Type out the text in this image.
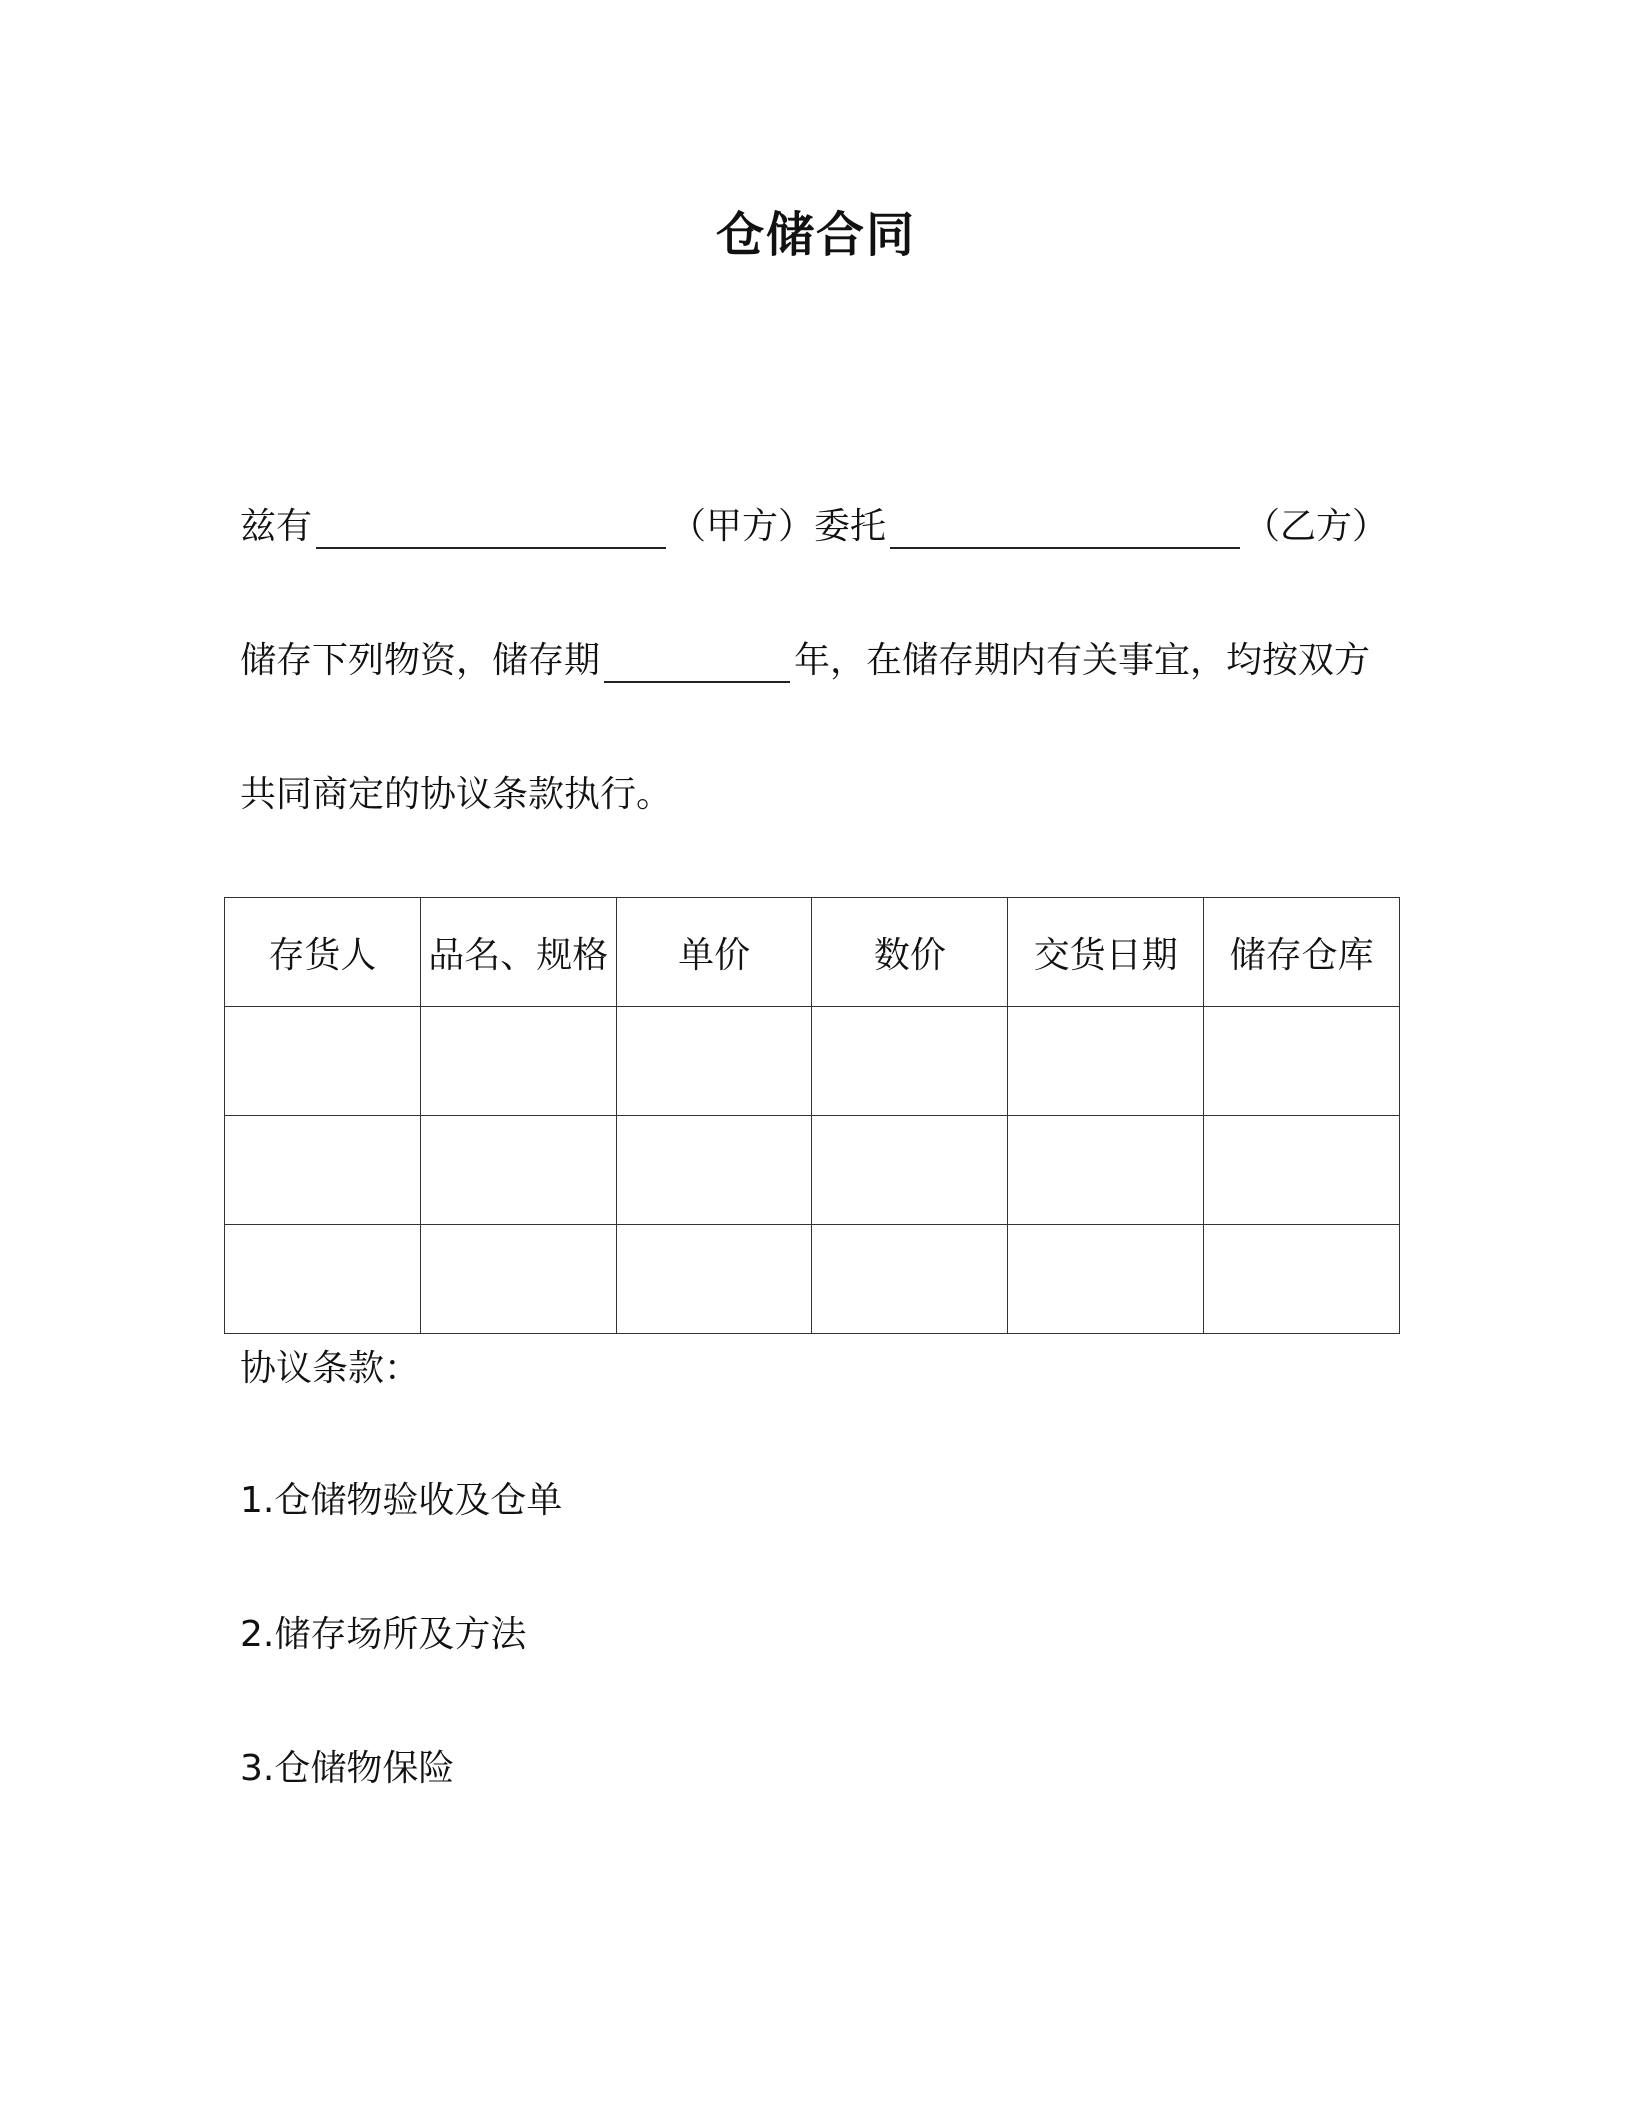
仓储合同
兹有	（甲方）委托	（乙方）
储存下列物资，储存期	年，在储存期内有关事宜，均按双方
共同商定的协议条款执行。
存货人	品名、规格	单价	数价	交货日期	储存仓库

协议条款：
1.仓储物验收及仓单
2.储存场所及方法
3.仓储物保险
